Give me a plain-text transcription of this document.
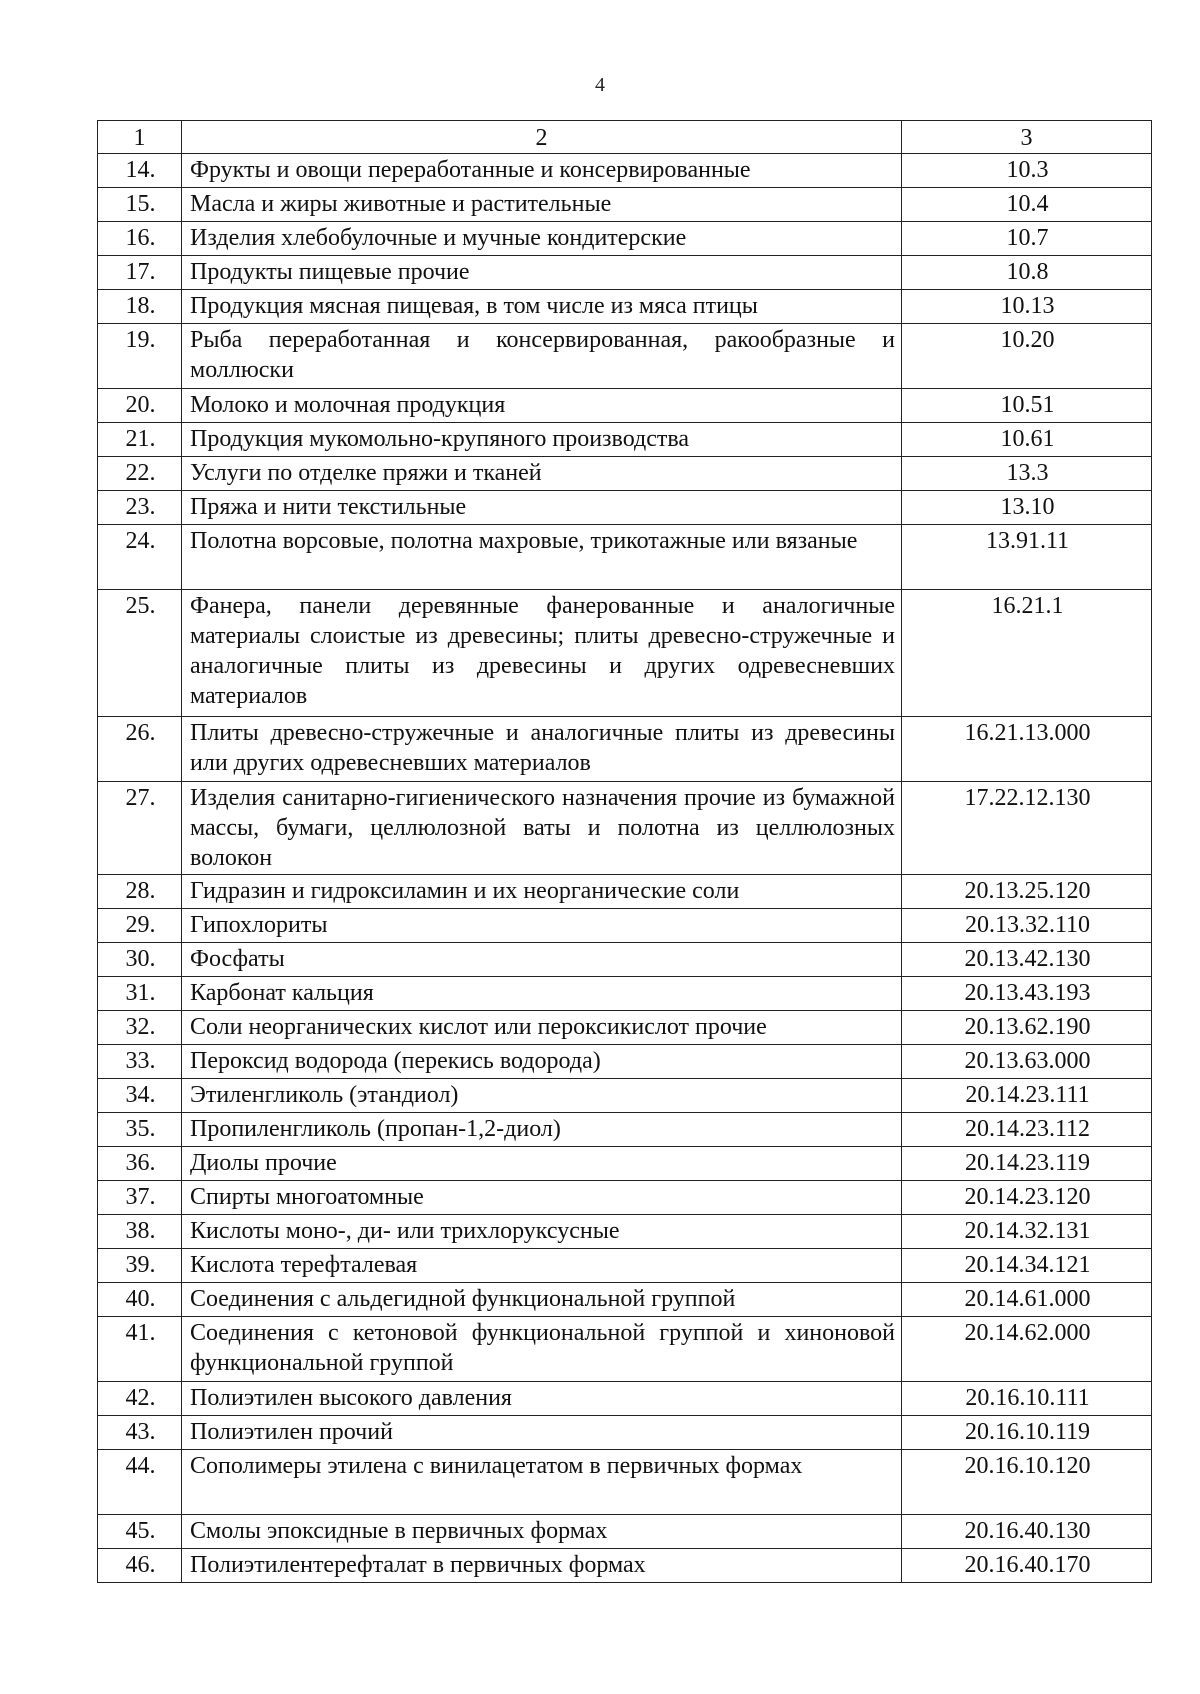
4
1	2	3
14.	Фрукты и овощи переработанные и консервированные	10.3
15.	Масла и жиры животные и растительные	10.4
16.	Изделия хлебобулочные и мучные кондитерские	10.7
17.	Продукты пищевые прочие	10.8
18.	Продукция мясная пищевая, в том числе из мяса птицы	10.13
19.	Рыба переработанная и консервированная, ракообразные и моллюски	10.20
20.	Молоко и молочная продукция	10.51
21.	Продукция мукомольно-крупяного производства	10.61
22.	Услуги по отделке пряжи и тканей	13.3
23.	Пряжа и нити текстильные	13.10
24.	Полотна ворсовые, полотна махровые, трикотажные или вязаные	13.91.11
25.	Фанера, панели деревянные фанерованные и аналогичные материалы слоистые из древесины; плиты древесно-стружечные и аналогичные плиты из древесины и других одревесневших материалов	16.21.1
26.	Плиты древесно-стружечные и аналогичные плиты из древесины или других одревесневших материалов	16.21.13.000
27.	Изделия санитарно-гигиенического назначения прочие из бумажной массы, бумаги, целлюлозной ваты и полотна из целлюлозных волокон	17.22.12.130
28.	Гидразин и гидроксиламин и их неорганические соли	20.13.25.120
29.	Гипохлориты	20.13.32.110
30.	Фосфаты	20.13.42.130
31.	Карбонат кальция	20.13.43.193
32.	Соли неорганических кислот или пероксикислот прочие	20.13.62.190
33.	Пероксид водорода (перекись водорода)	20.13.63.000
34.	Этиленгликоль (этандиол)	20.14.23.111
35.	Пропиленгликоль (пропан-1,2-диол)	20.14.23.112
36.	Диолы прочие	20.14.23.119
37.	Спирты многоатомные	20.14.23.120
38.	Кислоты моно-, ди- или трихлоруксусные	20.14.32.131
39.	Кислота терефталевая	20.14.34.121
40.	Соединения с альдегидной функциональной группой	20.14.61.000
41.	Соединения с кетоновой функциональной группой и хиноновой функциональной группой	20.14.62.000
42.	Полиэтилен высокого давления	20.16.10.111
43.	Полиэтилен прочий	20.16.10.119
44.	Сополимеры этилена с винилацетатом в первичных формах	20.16.10.120
45.	Смолы эпоксидные в первичных формах	20.16.40.130
46.	Полиэтилентерефталат в первичных формах	20.16.40.170
